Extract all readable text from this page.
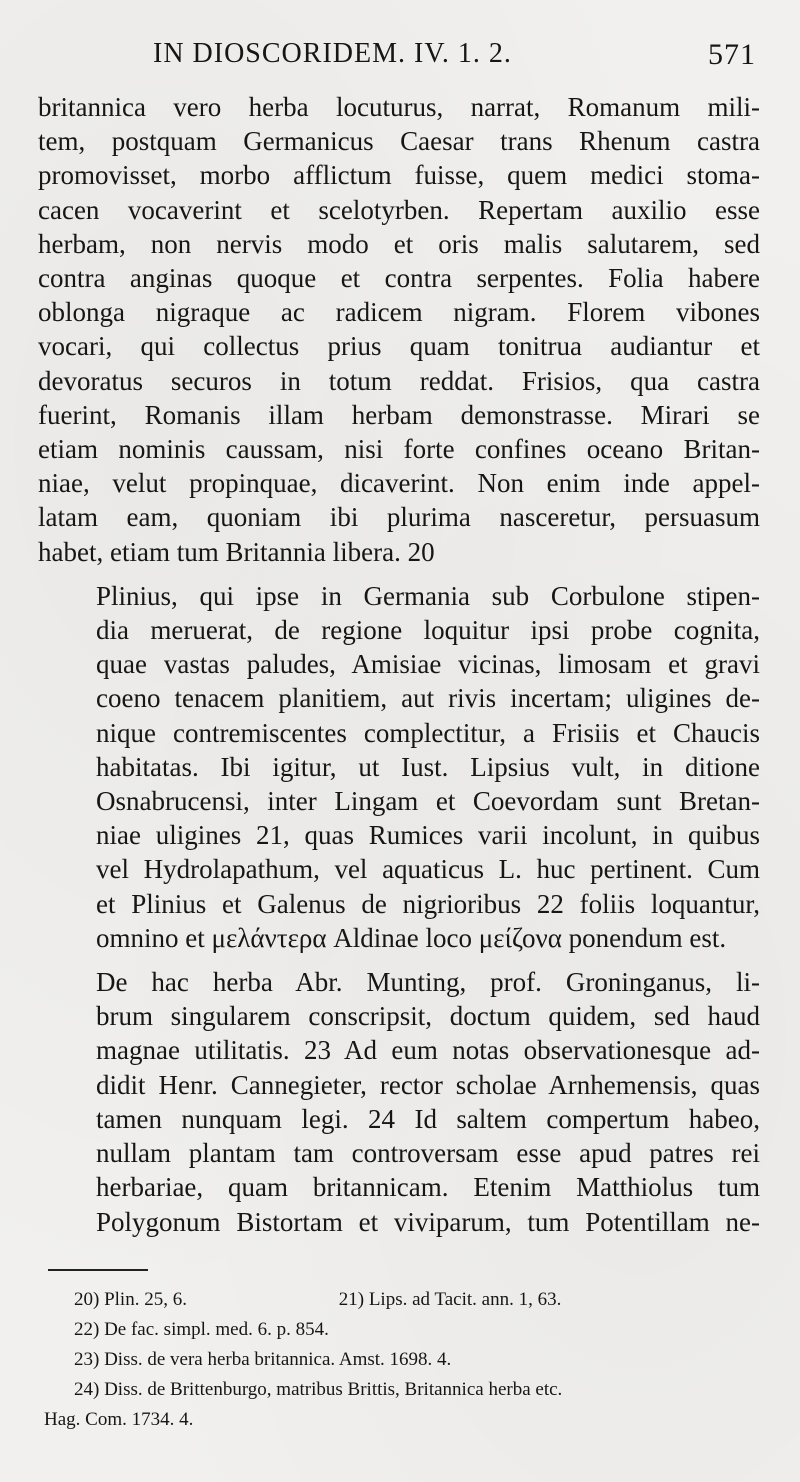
IN DIOSCORIDEM. IV. 1. 2.	571

britannica vero herba locuturus, narrat, Romanum mili-
tem, postquam Germanicus Caesar trans Rhenum castra
promovisset, morbo afflictum fuisse, quem medici stoma-
cacen vocaverint et scelotyrben. Repertam auxilio esse
herbam, non nervis modo et oris malis salutarem, sed
contra anginas quoque et contra serpentes. Folia habere
oblonga nigraque ac radicem nigram. Florem vibones
vocari, qui collectus prius quam tonitrua audiantur et
devoratus securos in totum reddat. Frisios, qua castra
fuerint, Romanis illam herbam demonstrasse. Mirari se
etiam nominis caussam, nisi forte confines oceano Britan-
niae, velut propinquae, dicaverint. Non enim inde appel-
latam eam, quoniam ibi plurima nasceretur, persuasum
habet, etiam tum Britannia libera. 20

Plinius, qui ipse in Germania sub Corbulone stipen-
dia meruerat, de regione loquitur ipsi probe cognita,
quae vastas paludes, Amisiae vicinas, limosam et gravi
coeno tenacem planitiem, aut rivis incertam; uligines de-
nique contremiscentes complectitur, a Frisiis et Chaucis
habitatas. Ibi igitur, ut Iust. Lipsius vult, in ditione
Osnabrucensi, inter Lingam et Coevordam sunt Bretan-
niae uligines 21, quas Rumices varii incolunt, in quibus
vel Hydrolapathum, vel aquaticus L. huc pertinent. Cum
et Plinius et Galenus de nigrioribus 22 foliis loquantur,
omnino et μελάντερα Aldinae loco μείζονα ponendum est.

De hac herba Abr. Munting, prof. Groninganus, li-
brum singularem conscripsit, doctum quidem, sed haud
magnae utilitatis. 23 Ad eum notas observationesque ad-
didit Henr. Cannegieter, rector scholae Arnhemensis, quas
tamen nunquam legi. 24 Id saltem compertum habeo,
nullam plantam tam controversam esse apud patres rei
herbariae, quam britannicam. Etenim Matthiolus tum
Polygonum Bistortam et viviparum, tum Potentillam ne-

20) Plin. 25, 6.	21) Lips. ad Tacit. ann. 1, 63.
22) De fac. simpl. med. 6. p. 854.
23) Diss. de vera herba britannica. Amst. 1698. 4.
24) Diss. de Brittenburgo, matribus Brittis, Britannica herba etc.
Hag. Com. 1734. 4.
